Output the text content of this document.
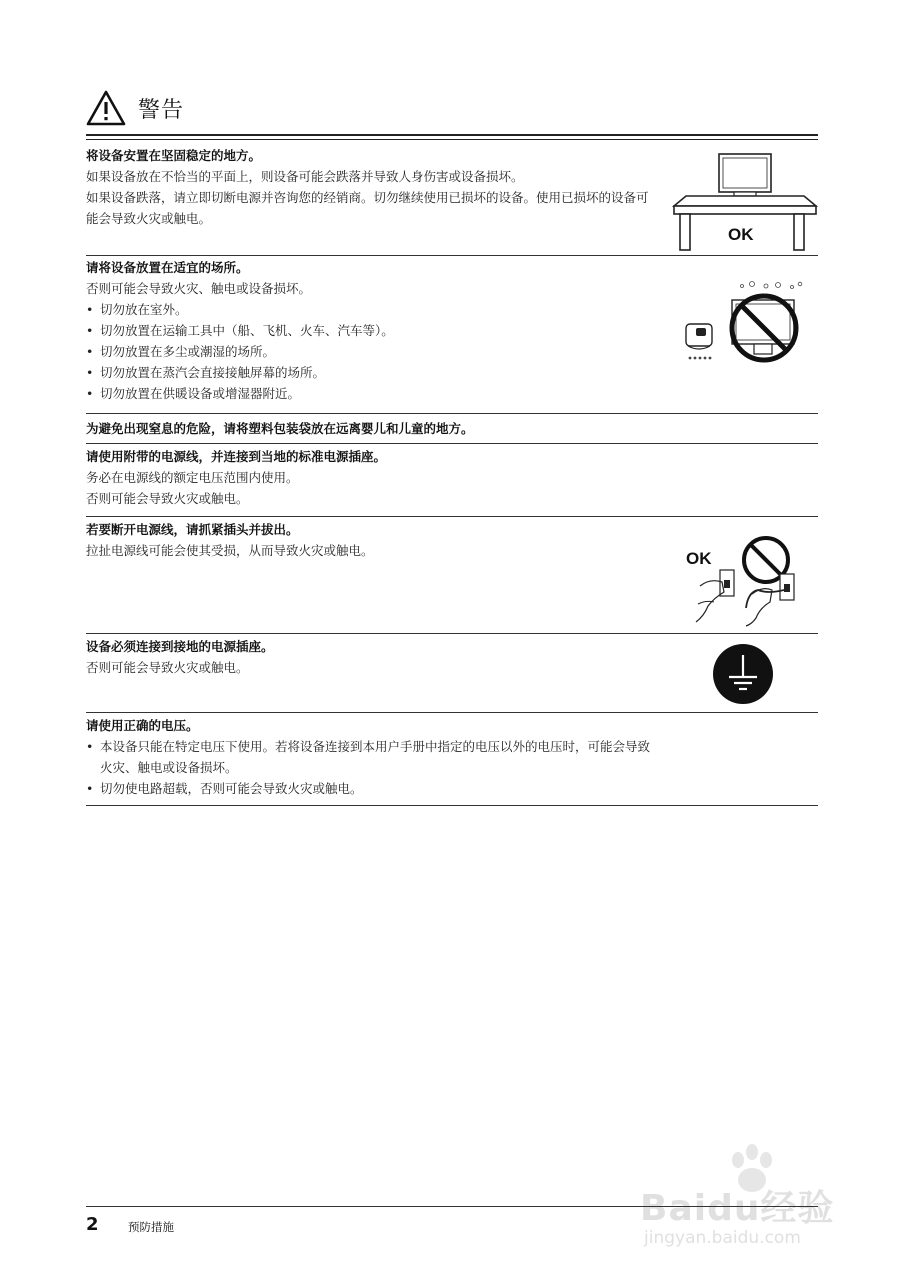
警告

将设备安置在坚固稳定的地方。

如果设备放在不恰当的平面上，则设备可能会跌落并导致人身伤害或设备损坏。

如果设备跌落，请立即切断电源并咨询您的经销商。切勿继续使用已损坏的设备。使用已损坏的设备可能会导致火灾或触电。

OK

请将设备放置在适宜的场所。

否则可能会导致火灾、触电或设备损坏。

• 切勿放在室外。
• 切勿放置在运输工具中（船、飞机、火车、汽车等）。
• 切勿放置在多尘或潮湿的场所。
• 切勿放置在蒸汽会直接接触屏幕的场所。
• 切勿放置在供暖设备或增湿器附近。

为避免出现窒息的危险，请将塑料包装袋放在远离婴儿和儿童的地方。

请使用附带的电源线，并连接到当地的标准电源插座。

务必在电源线的额定电压范围内使用。

否则可能会导致火灾或触电。

若要断开电源线，请抓紧插头并拔出。

拉扯电源线可能会使其受损，从而导致火灾或触电。	OK

设备必须连接到接地的电源插座。

否则可能会导致火灾或触电。

请使用正确的电压。

• 本设备只能在特定电压下使用。若将设备连接到本用户手册中指定的电压以外的电压时，可能会导致火灾、触电或设备损坏。
• 切勿使电路超载，否则可能会导致火灾或触电。
Baidu经验
jingyan.baidu.com
2	预防措施
